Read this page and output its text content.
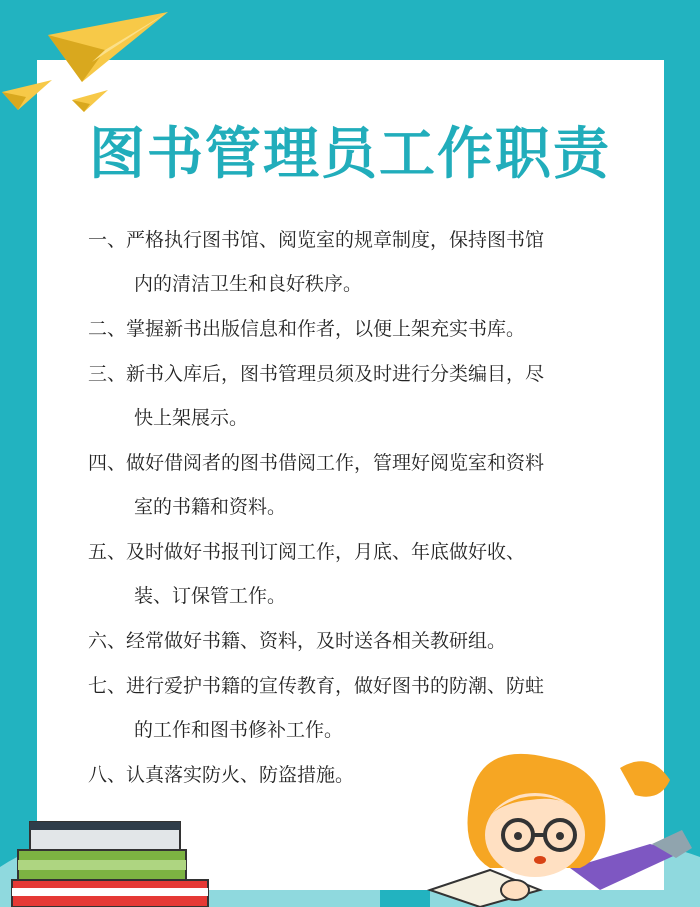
图书管理员工作职责
一、 严格执行图书馆、阅览室的规章制度，保持图书馆
内的清洁卫生和良好秩序。
二、 掌握新书出版信息和作者，以便上架充实书库。
三、 新书入库后，图书管理员须及时进行分类编目，尽
快上架展示。
四、 做好借阅者的图书借阅工作，管理好阅览室和资料
室的书籍和资料。
五、 及时做好书报刊订阅工作，月底、年底做好收、
装、订保管工作。
六、 经常做好书籍、资料，及时送各相关教研组。
七、 进行爱护书籍的宣传教育，做好图书的防潮、防蛀
的工作和图书修补工作。
八、 认真落实防火、防盗措施。
